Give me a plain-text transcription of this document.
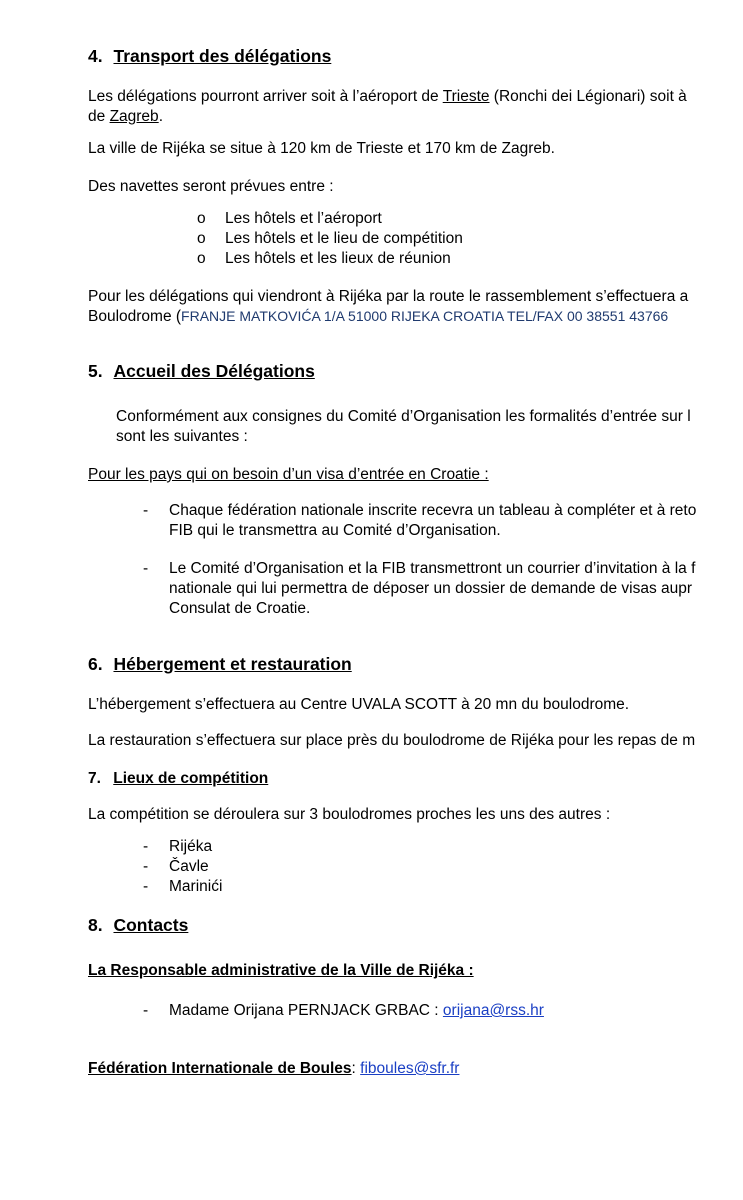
4. Transport des délégations
Les délégations pourront arriver soit à l’aéroport de Trieste (Ronchi dei Légionari) soit à
de Zagreb.
La ville de Rijéka se situe à 120 km de Trieste et 170 km de Zagreb.
Des navettes seront prévues entre :
o Les hôtels et l’aéroport
o Les hôtels et le lieu de compétition
o Les hôtels et les lieux de réunion
Pour les délégations qui viendront à Rijéka par la route le rassemblement s’effectuera a
Boulodrome (FRANJE MATKOVIĆA 1/A 51000 RIJEKA CROATIA TEL/FAX 00 38551 43766
5. Accueil des Délégations
Conformément aux consignes du Comité d’Organisation les formalités d’entrée sur l
sont les suivantes :
Pour les pays qui on besoin d’un visa d’entrée en Croatie :
- Chaque fédération nationale inscrite recevra un tableau à compléter et à reto
FIB qui le transmettra au Comité d’Organisation.
- Le Comité d’Organisation et la FIB transmettront un courrier d’invitation à la f
nationale qui lui permettra de déposer un dossier de demande de visas aupr
Consulat de Croatie.
6. Hébergement et restauration
L’hébergement s’effectuera au Centre UVALA SCOTT à 20 mn du boulodrome.
La restauration s’effectuera sur place près du boulodrome de Rijéka pour les repas de m
7. Lieux de compétition
La compétition se déroulera sur 3 boulodromes proches les uns des autres :
- Rijéka
- Čavle
- Marinići
8. Contacts
La Responsable administrative de la Ville de Rijéka :
- Madame Orijana PERNJACK GRBAC : orijana@rss.hr
Fédération Internationale de Boules: fiboules@sfr.fr
